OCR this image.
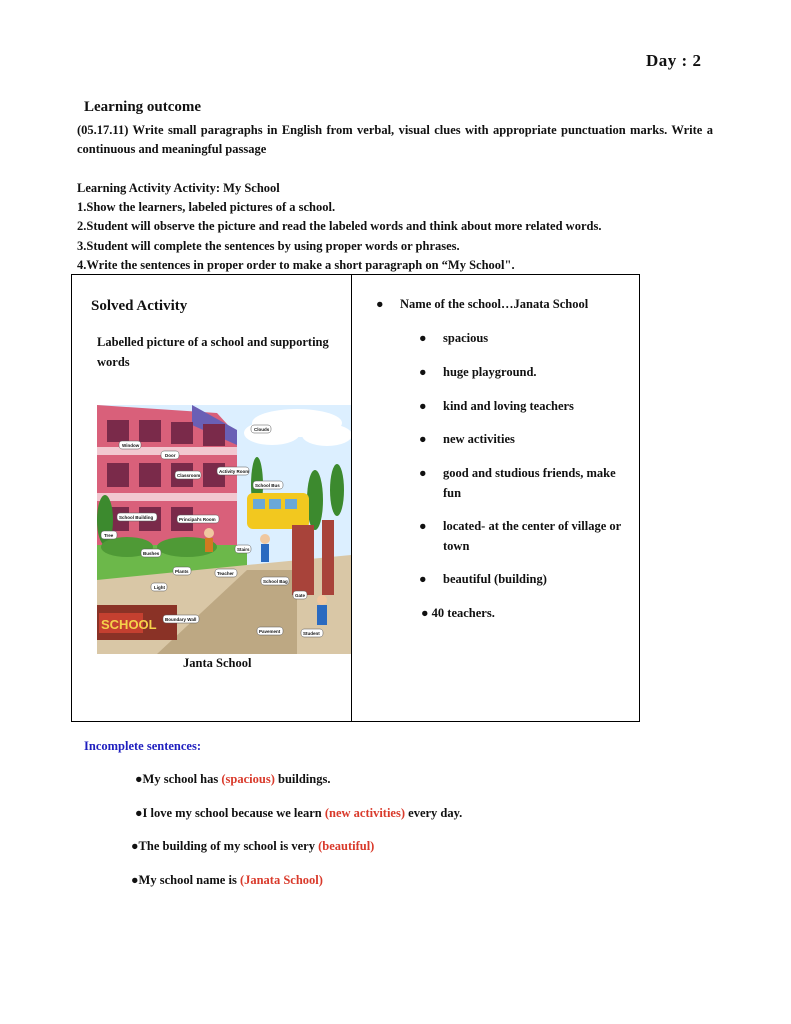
Day : 2
Learning outcome
(05.17.11) Write small paragraphs in English from verbal, visual clues with appropriate punctuation marks. Write a continuous and meaningful passage
Learning Activity Activity: My School
1.Show the learners, labeled pictures of a school.
2.Student will observe the picture and read the labeled words and think about more related words.
3.Student will complete the sentences by using proper words or phrases.
4.Write the sentences in proper order to make a short paragraph on “My School".
Solved Activity
Labelled picture of a school and supporting words
SCHOOL
Window
Door
Classroom
Activity Room
School Building	Principal's Room
Clouds
School Bus
Tree
Bushes
Plants
Stairs
Light
Teacher
School Bag
Gate
Boundary Wall
Pavement	Student
Janta School
● Name of the school…Janata School
● spacious
● huge playground.
● kind and loving teachers
● new activities
● good and studious friends, make fun
● located- at the center of village or town
● beautiful (building)
● 40 teachers.
Incomplete sentences:
●My school has (spacious) buildings.
●I love my school because we learn (new activities) every day.
●The building of my school is very (beautiful)
●My school name is (Janata School)
